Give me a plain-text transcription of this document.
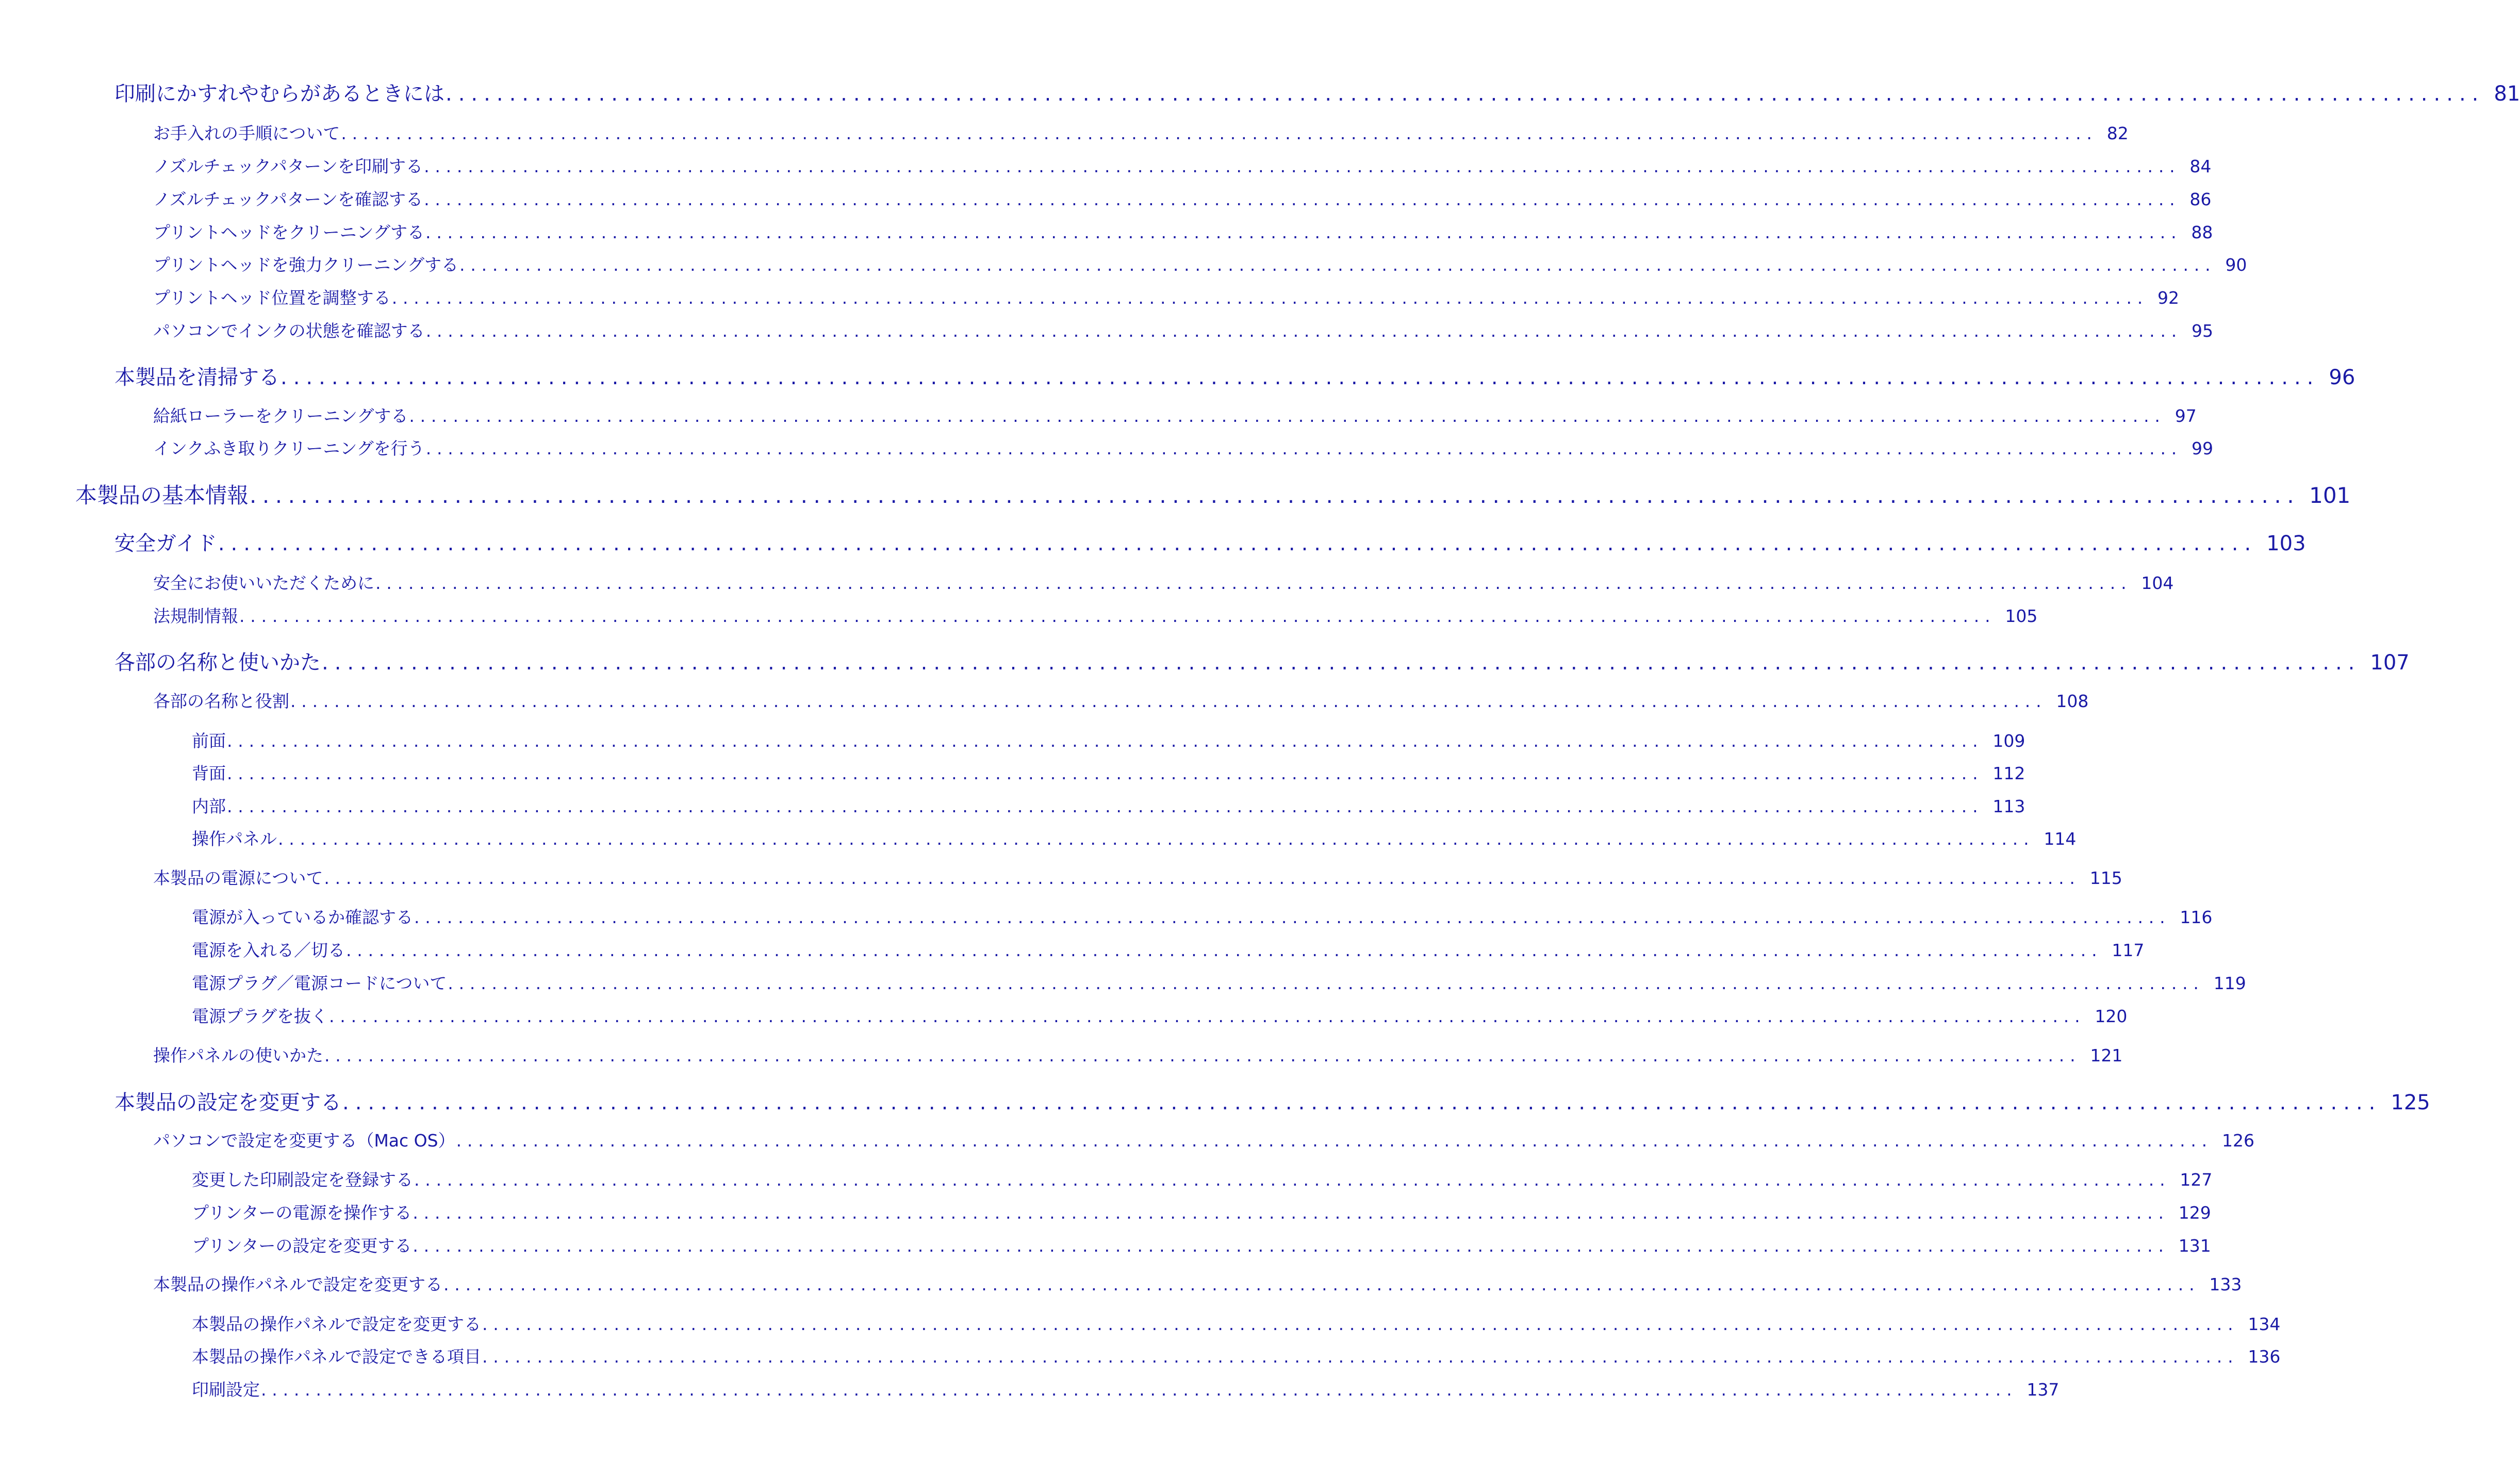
印刷にかすれやむらがあるときには ................................................................................................................................................................ 81
お手入れの手順について ................................................................................................................................................................ 82
ノズルチェックパターンを印刷する ................................................................................................................................................................ 84
ノズルチェックパターンを確認する ................................................................................................................................................................ 86
プリントヘッドをクリーニングする ................................................................................................................................................................ 88
プリントヘッドを強力クリーニングする ................................................................................................................................................................ 90
プリントヘッド位置を調整する ................................................................................................................................................................ 92
パソコンでインクの状態を確認する ................................................................................................................................................................ 95
本製品を清掃する ................................................................................................................................................................ 96
給紙ローラーをクリーニングする ................................................................................................................................................................ 97
インクふき取りクリーニングを行う ................................................................................................................................................................ 99
本製品の基本情報 ................................................................................................................................................................ 101
安全ガイド ................................................................................................................................................................ 103
安全にお使いいただくために ................................................................................................................................................................ 104
法規制情報 ................................................................................................................................................................ 105
各部の名称と使いかた ................................................................................................................................................................ 107
各部の名称と役割 ................................................................................................................................................................ 108
前面 ................................................................................................................................................................ 109
背面 ................................................................................................................................................................ 112
内部 ................................................................................................................................................................ 113
操作パネル ................................................................................................................................................................ 114
本製品の電源について ................................................................................................................................................................ 115
電源が入っているか確認する ................................................................................................................................................................ 116
電源を入れる／切る ................................................................................................................................................................ 117
電源プラグ／電源コードについて ................................................................................................................................................................ 119
電源プラグを抜く ................................................................................................................................................................ 120
操作パネルの使いかた ................................................................................................................................................................ 121
本製品の設定を変更する ................................................................................................................................................................ 125
パソコンで設定を変更する（Mac OS） ................................................................................................................................................................ 126
変更した印刷設定を登録する ................................................................................................................................................................ 127
プリンターの電源を操作する ................................................................................................................................................................ 129
プリンターの設定を変更する ................................................................................................................................................................ 131
本製品の操作パネルで設定を変更する ................................................................................................................................................................ 133
本製品の操作パネルで設定を変更する ................................................................................................................................................................ 134
本製品の操作パネルで設定できる項目 ................................................................................................................................................................ 136
印刷設定 ................................................................................................................................................................ 137
